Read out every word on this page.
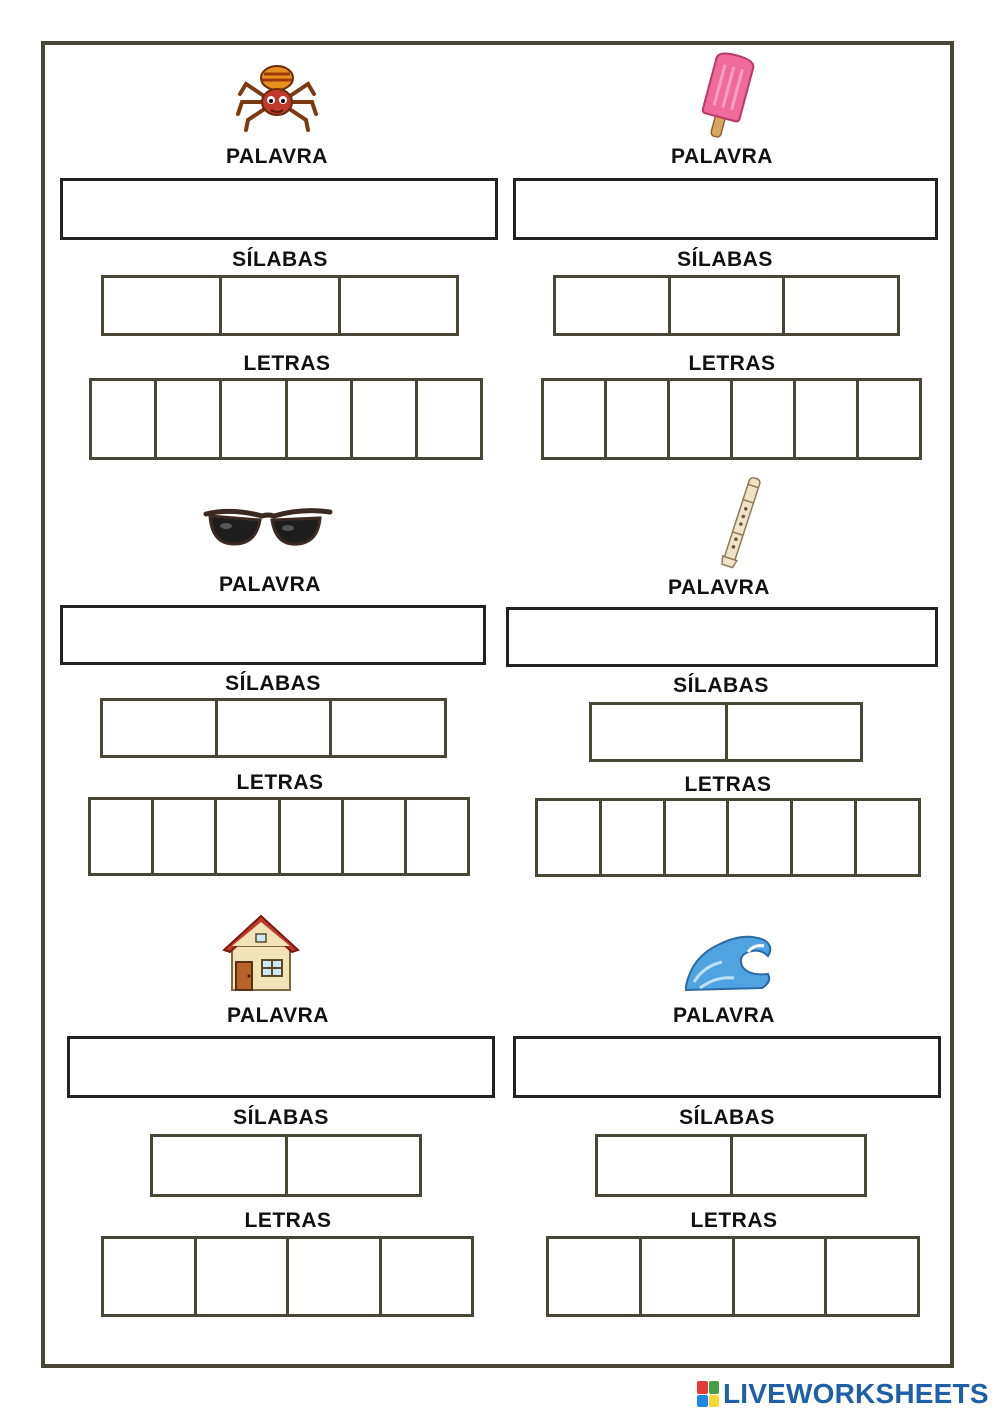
PALAVRA
SÍLABAS
LETRAS
PALAVRA
SÍLABAS
LETRAS
PALAVRA
SÍLABAS
LETRAS
PALAVRA
SÍLABAS
LETRAS
PALAVRA
SÍLABAS
LETRAS
PALAVRA
SÍLABAS
LETRAS
LIVEWORKSHEETS
